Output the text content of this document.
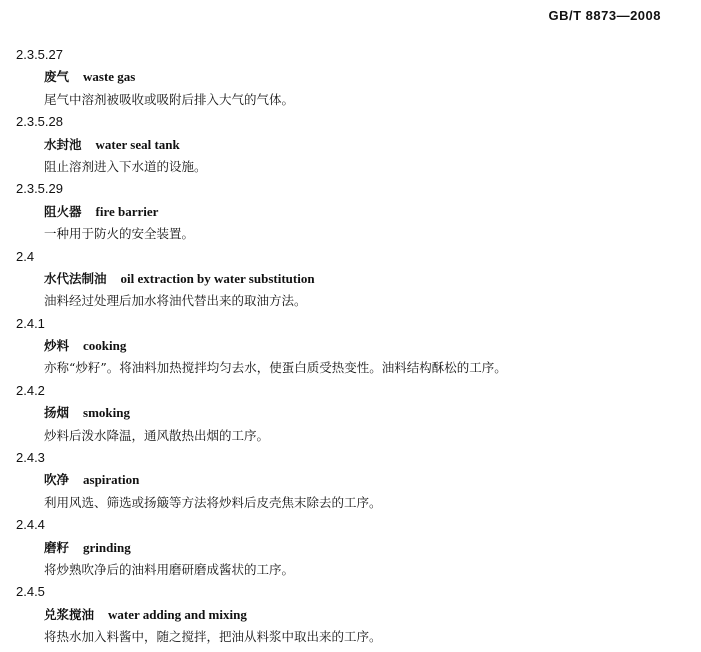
GB/T 8873—2008
2.3.5.27
废气 waste gas
尾气中溶剂被吸收或吸附后排入大气的气体。
2.3.5.28
水封池 water seal tank
阻止溶剂进入下水道的设施。
2.3.5.29
阻火器 fire barrier
一种用于防火的安全装置。
2.4
水代法制油 oil extraction by water substitution
油料经过处理后加水将油代替出来的取油方法。
2.4.1
炒料 cooking
亦称“炒籽”。将油料加热搅拌均匀去水，使蛋白质受热变性。油料结构酥松的工序。
2.4.2
扬烟 smoking
炒料后泼水降温，通风散热出烟的工序。
2.4.3
吹净 aspiration
利用风选、筛选或扬簸等方法将炒料后皮壳焦末除去的工序。
2.4.4
磨籽 grinding
将炒熟吹净后的油料用磨研磨成酱状的工序。
2.4.5
兑浆搅油 water adding and mixing
将热水加入料酱中，随之搅拌，把油从料浆中取出来的工序。
